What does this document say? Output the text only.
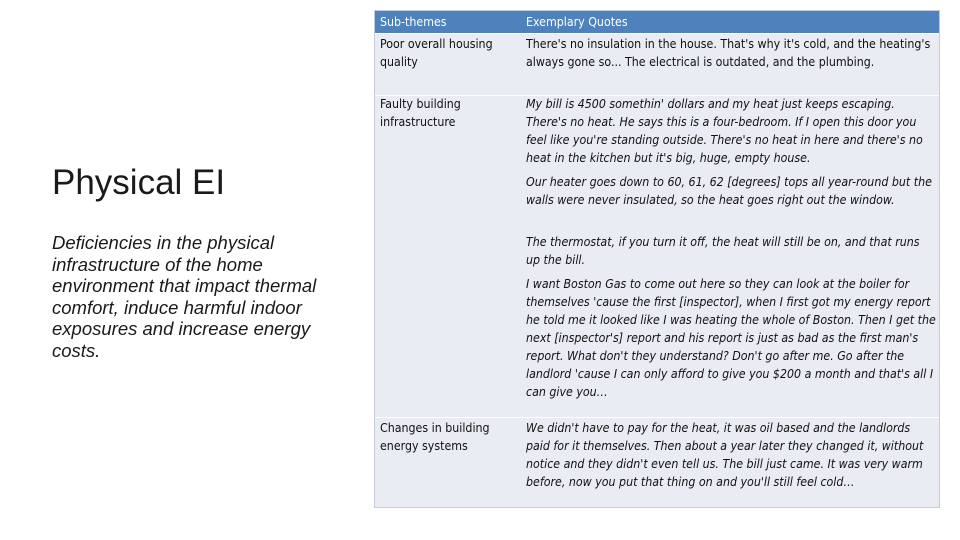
Physical EI

Deficiencies in the physical infrastructure of the home environment that impact thermal comfort, induce harmful indoor exposures and increase energy costs.

Sub-themes	Exemplary Quotes
Poor overall housing quality
There's no insulation in the house. That's why it's cold, and the heating's always gone so... The electrical is outdated, and the plumbing.
Faulty building infrastructure
My bill is 4500 somethin' dollars and my heat just keeps escaping. There's no heat. He says this is a four-bedroom. If I open this door you feel like you're standing outside. There's no heat in here and there's no heat in the kitchen but it's big, huge, empty house.
Our heater goes down to 60, 61, 62 [degrees] tops all year-round but the walls were never insulated, so the heat goes right out the window.
The thermostat, if you turn it off, the heat will still be on, and that runs up the bill.
I want Boston Gas to come out here so they can look at the boiler for themselves 'cause the first [inspector], when I first got my energy report he told me it looked like I was heating the whole of Boston. Then I get the next [inspector's] report and his report is just as bad as the first man's report. What don't they understand? Don't go after me. Go after the landlord 'cause I can only afford to give you $200 a month and that's all I can give you…
Changes in building energy systems
We didn't have to pay for the heat, it was oil based and the landlords paid for it themselves. Then about a year later they changed it, without notice and they didn't even tell us. The bill just came. It was very warm before, now you put that thing on and you'll still feel cold…
